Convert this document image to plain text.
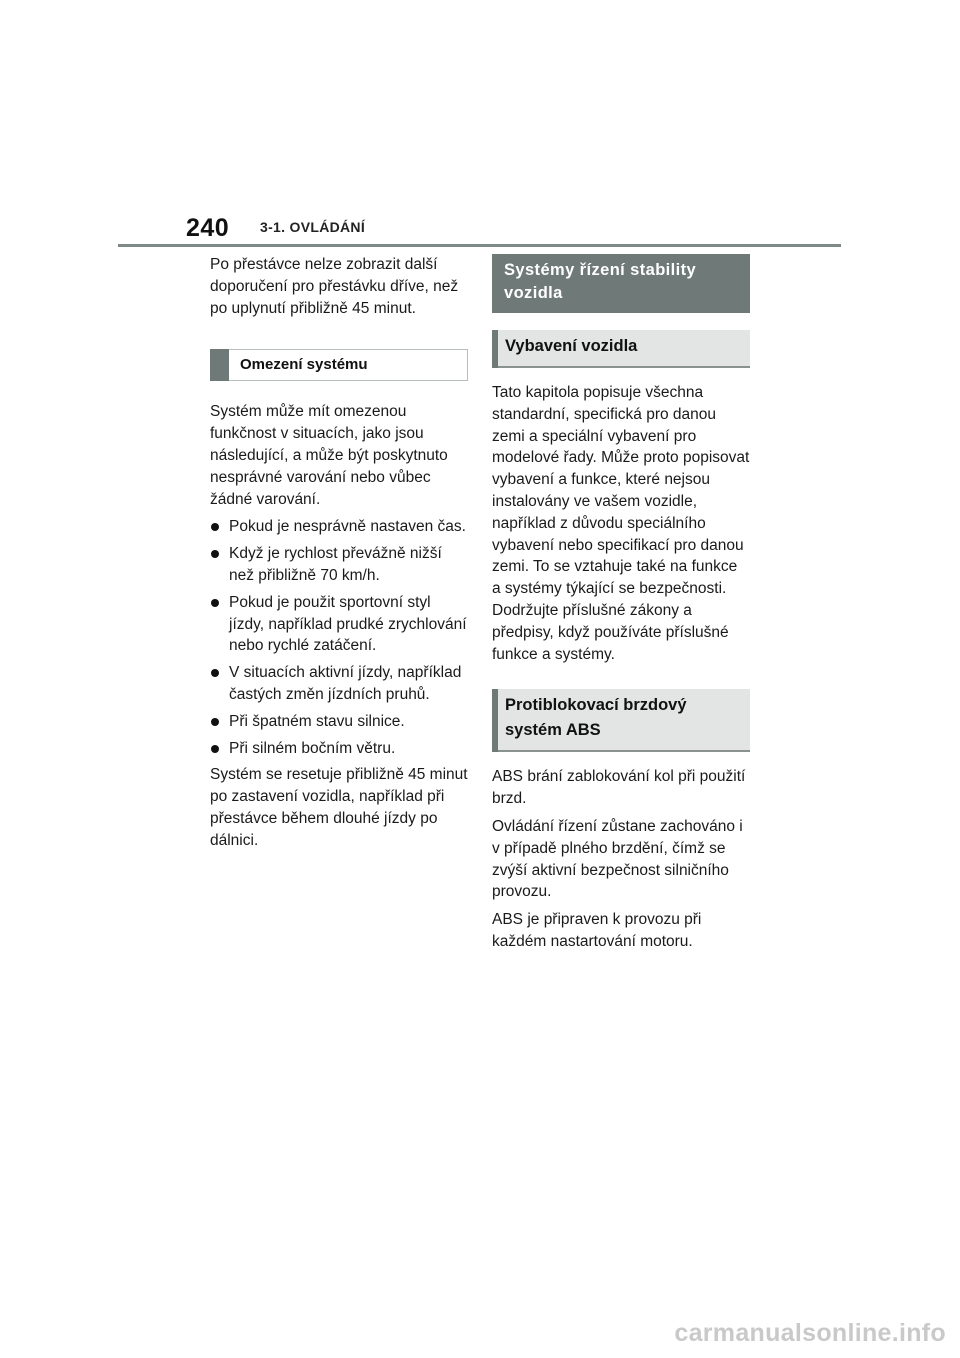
240 3-1. OVLÁDÁNÍ

Po přestávce nelze zobrazit další doporučení pro přestávku dříve, než po uplynutí přibližně 45 minut.

Omezení systému

Systém může mít omezenou funkčnost v situacích, jako jsou následující, a může být poskytnuto nesprávné varování nebo vůbec žádné varování.

Pokud je nesprávně nastaven čas.
Když je rychlost převážně nižší než přibližně 70 km/h.
Pokud je použit sportovní styl jízdy, například prudké zrychlování nebo rychlé zatáčení.
V situacích aktivní jízdy, například častých změn jízdních pruhů.
Při špatném stavu silnice.
Při silném bočním větru.

Systém se resetuje přibližně 45 minut po zastavení vozidla, například při přestávce během dlouhé jízdy po dálnici.

Systémy řízení stability vozidla
Vybavení vozidla

Tato kapitola popisuje všechna standardní, specifická pro danou zemi a speciální vybavení pro modelové řady. Může proto popisovat vybavení a funkce, které nejsou instalovány ve vašem vozidle, například z důvodu speciálního vybavení nebo specifikací pro danou zemi. To se vztahuje také na funkce a systémy týkající se bezpečnosti. Dodržujte příslušné zákony a předpisy, když používáte příslušné funkce a systémy.

Protiblokovací brzdový systém ABS

ABS brání zablokování kol při použití brzd.

Ovládání řízení zůstane zachováno i v případě plného brzdění, čímž se zvýší aktivní bezpečnost silničního provozu.

ABS je připraven k provozu při každém nastartování motoru.

carmanualsonline.info
